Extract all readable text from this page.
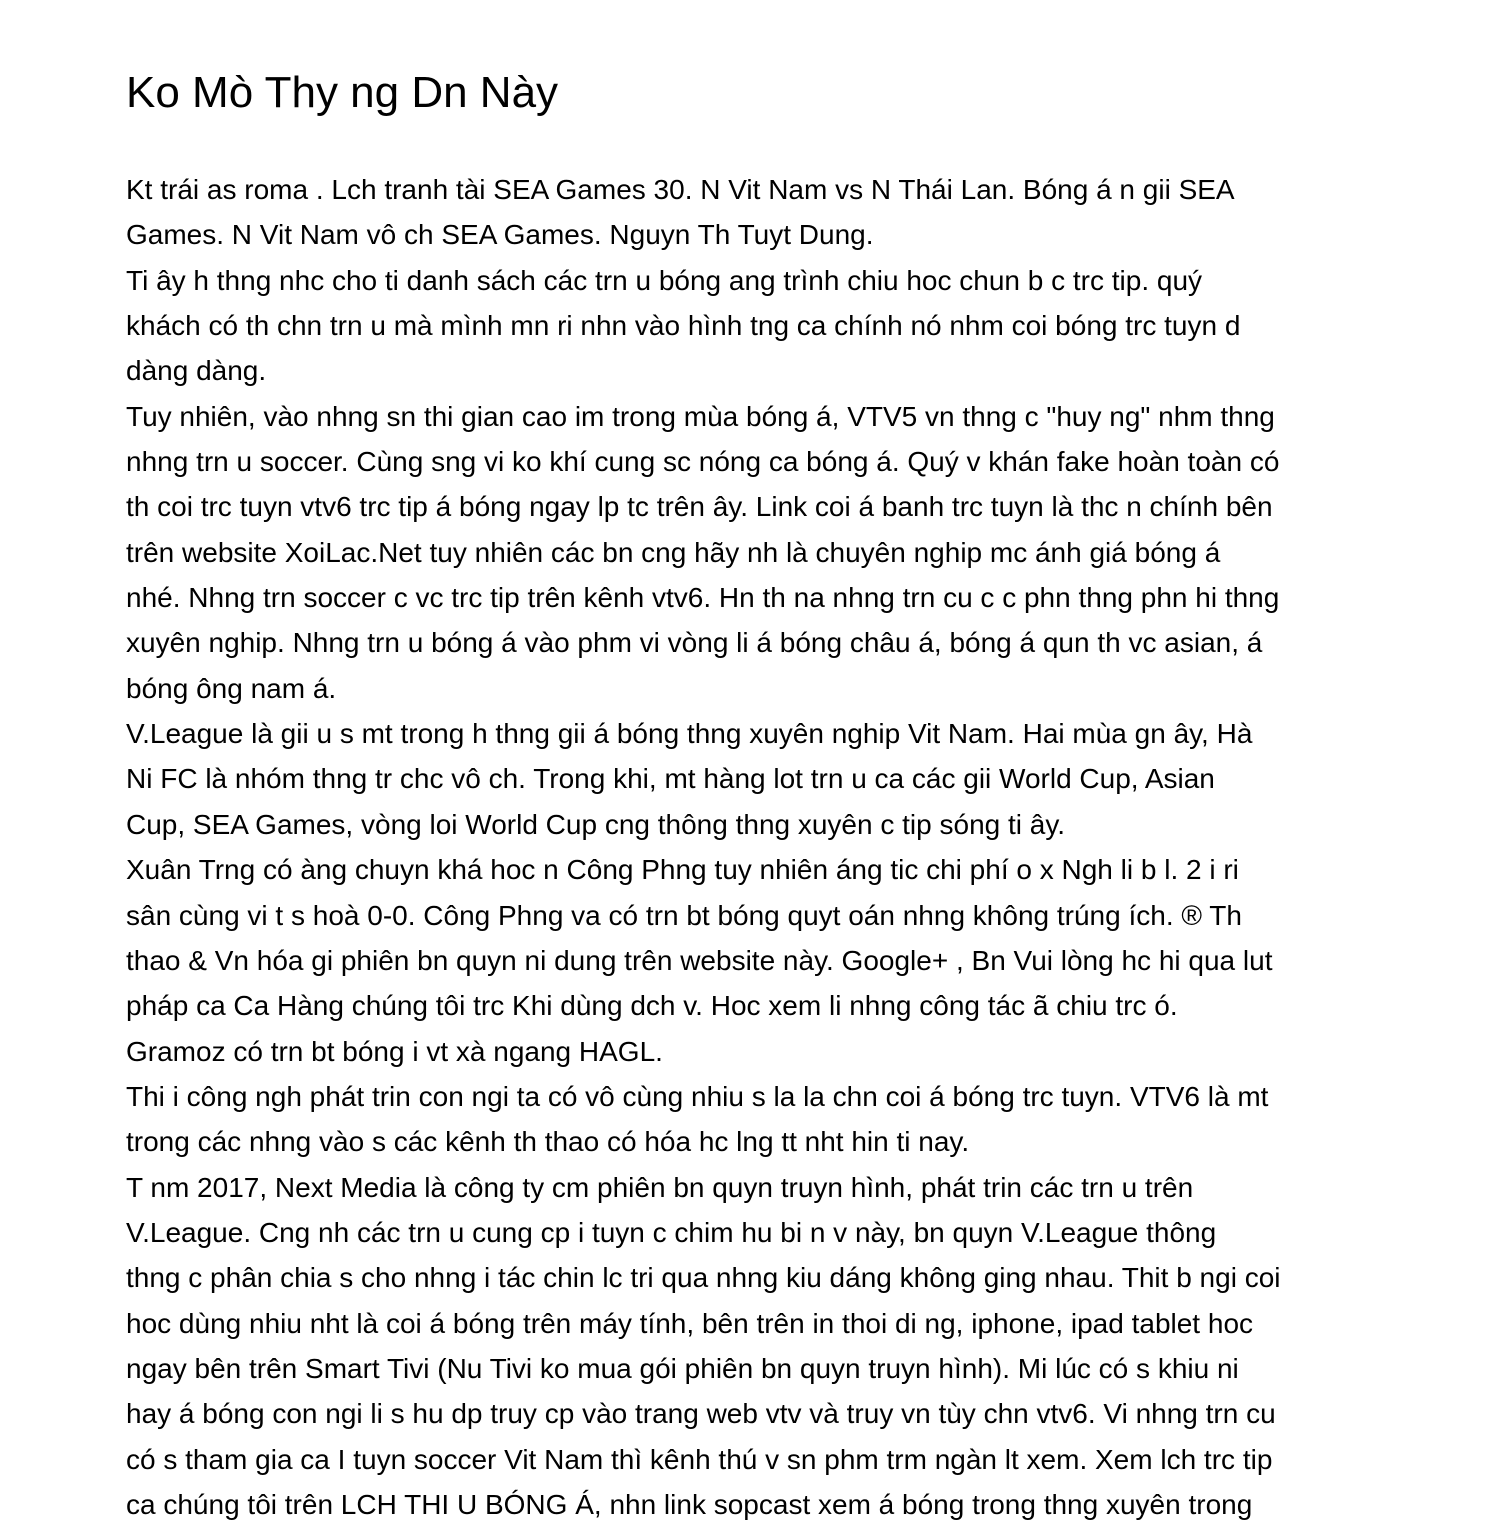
Ko Mò Thy ng Dn Này
Kt trái as roma . Lch tranh tài SEA Games 30. N Vit Nam vs N Thái Lan. Bóng á n gii SEA
Games. N Vit Nam vô ch SEA Games. Nguyn Th Tuyt Dung.
Ti ây h thng nhc cho ti danh sách các trn u bóng ang trình chiu hoc chun b c trc tip. quý
khách có th chn trn u mà mình mn ri nhn vào hình tng ca chính nó nhm coi bóng trc tuyn d
dàng dàng.
Tuy nhiên, vào nhng sn thi gian cao im trong mùa bóng á, VTV5 vn thng c "huy ng" nhm thng
nhng trn u soccer. Cùng sng vi ko khí cung sc nóng ca bóng á. Quý v khán fake hoàn toàn có
th coi trc tuyn vtv6 trc tip á bóng ngay lp tc trên ây. Link coi á banh trc tuyn là thc n chính bên
trên website XoiLac.Net tuy nhiên các bn cng hãy nh là chuyên nghip mc ánh giá bóng á
nhé. Nhng trn soccer c vc trc tip trên kênh vtv6. Hn th na nhng trn cu c c phn thng phn hi thng
xuyên nghip. Nhng trn u bóng á vào phm vi vòng li á bóng châu á, bóng á qun th vc asian, á
bóng ông nam á.
V.League là gii u s mt trong h thng gii á bóng thng xuyên nghip Vit Nam. Hai mùa gn ây, Hà
Ni FC là nhóm thng tr chc vô ch. Trong khi, mt hàng lot trn u ca các gii World Cup, Asian
Cup, SEA Games, vòng loi World Cup cng thông thng xuyên c tip sóng ti ây.
Xuân Trng có àng chuyn khá hoc n Công Phng tuy nhiên áng tic chi phí o x Ngh li b l. 2 i ri
sân cùng vi t s hoà 0-0. Công Phng va có trn bt bóng quyt oán nhng không trúng ích. ® Th
thao & Vn hóa gi phiên bn quyn ni dung trên website này. Google+ , Bn Vui lòng hc hi qua lut
pháp ca Ca Hàng chúng tôi trc Khi dùng dch v. Hoc xem li nhng công tác ã chiu trc ó.
Gramoz có trn bt bóng i vt xà ngang HAGL.
Thi i công ngh phát trin con ngi ta có vô cùng nhiu s la la chn coi á bóng trc tuyn. VTV6 là mt
trong các nhng vào s các kênh th thao có hóa hc lng tt nht hin ti nay.
T nm 2017, Next Media là công ty cm phiên bn quyn truyn hình, phát trin các trn u trên
V.League. Cng nh các trn u cung cp i tuyn c chim hu bi n v này, bn quyn V.League thông
thng c phân chia s cho nhng i tác chin lc tri qua nhng kiu dáng không ging nhau. Thit b ngi coi
hoc dùng nhiu nht là coi á bóng trên máy tính, bên trên in thoi di ng, iphone, ipad tablet hoc
ngay bên trên Smart Tivi (Nu Tivi ko mua gói phiên bn quyn truyn hình). Mi lúc có s khiu ni
hay á bóng con ngi li s hu dp truy cp vào trang web vtv và truy vn tùy chn vtv6. Vi nhng trn cu
có s tham gia ca I tuyn soccer Vit Nam thì kênh thú v sn phm trm ngàn lt xem. Xem lch trc tip
ca chúng tôi trên LCH THI U BÓNG Á, nhn link sopcast xem á bóng trong thng xuyên trong
